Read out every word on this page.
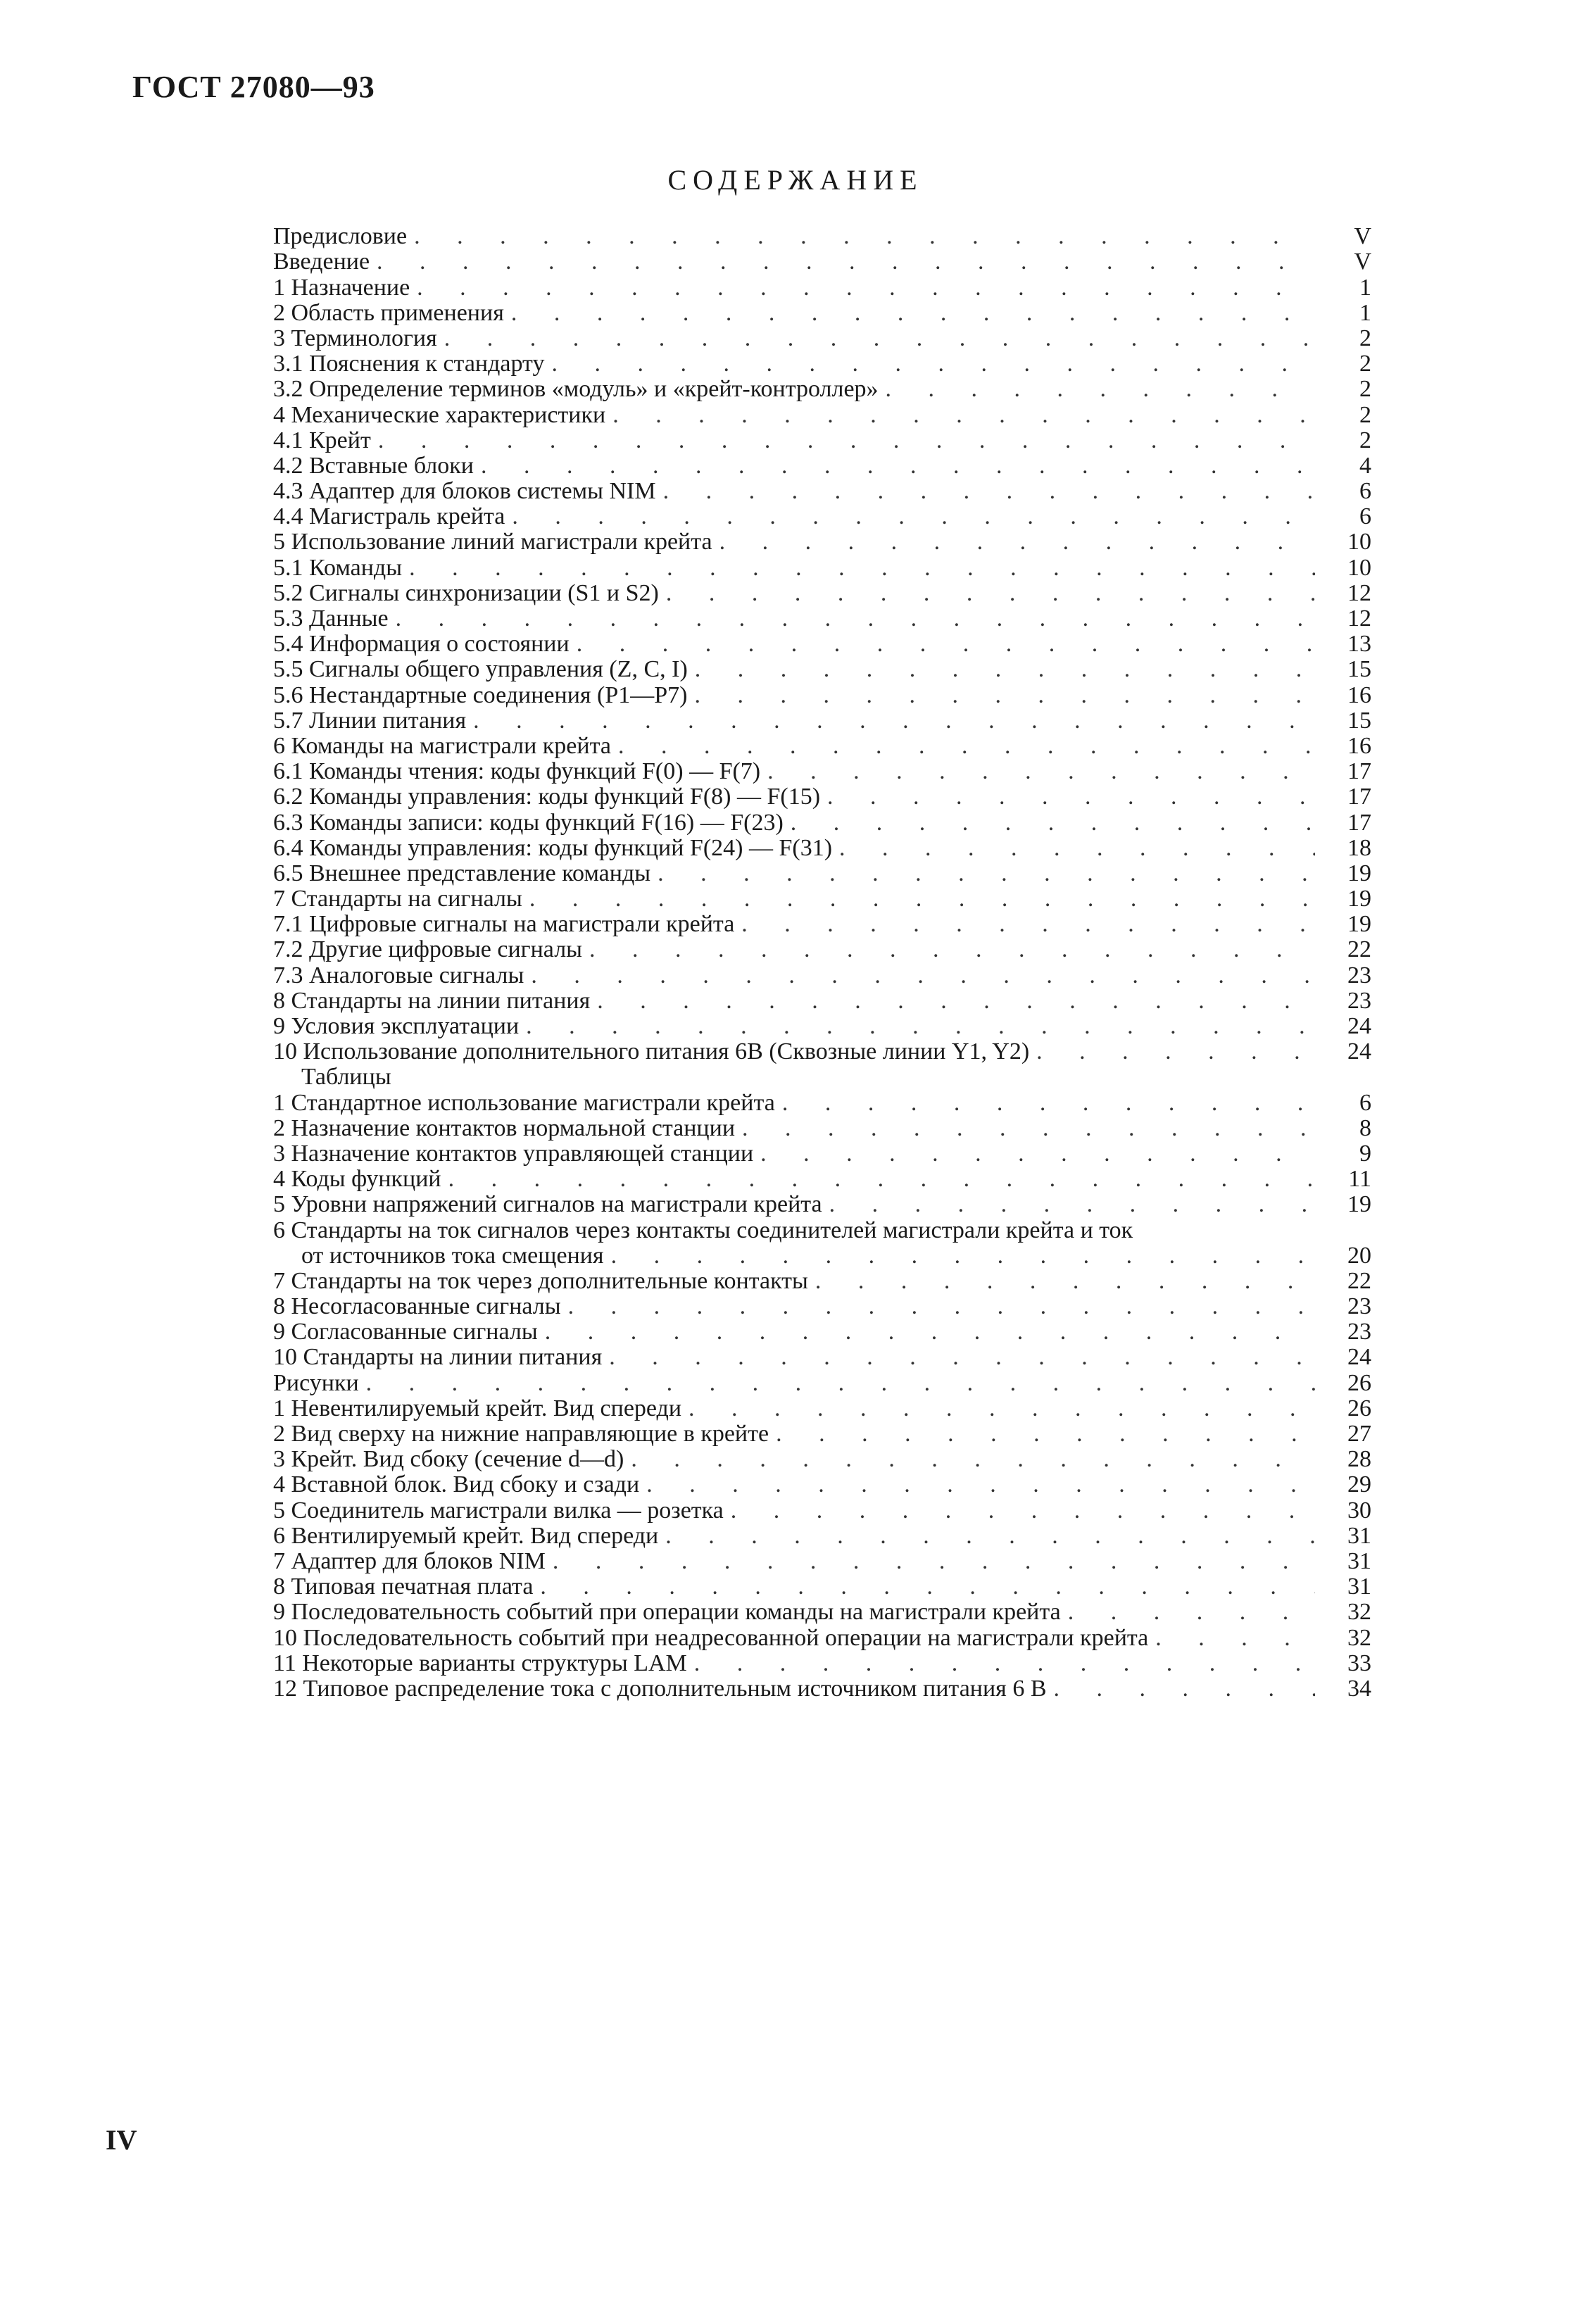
ГОСТ 27080—93
СОДЕРЖАНИЕ
Предисловие . . .	V
Введение . . .	V
1 Назначение . . .	1
2 Область применения . . .	1
3 Терминология . . .	2
3.1 Пояснения к стандарту . . .	2
3.2 Определение терминов «модуль» и «крейт-контроллер» . . .	2
4 Механические характеристики . . .	2
4.1 Крейт . . .	2
4.2 Вставные блоки . . .	4
4.3 Адаптер для блоков системы NIM . . .	6
4.4 Магистраль крейта . . .	6
5 Использование линий магистрали крейта . . .	10
5.1 Команды . . .	10
5.2 Сигналы синхронизации (S1 и S2) . . .	12
5.3 Данные . . .	12
5.4 Информация о состоянии . . .	13
5.5 Сигналы общего управления (Z, C, I) . . .	15
5.6 Нестандартные соединения (P1—P7) . . .	16
5.7 Линии питания . . .	15
6 Команды на магистрали крейта . . .	16
6.1 Команды чтения: коды функций F(0) — F(7) . . .	17
6.2 Команды управления: коды функций F(8) — F(15) . . .	17
6.3 Команды записи: коды функций F(16) — F(23) . . .	17
6.4 Команды управления: коды функций F(24) — F(31) . . .	18
6.5 Внешнее представление команды . . .	19
7 Стандарты на сигналы . . .	19
7.1 Цифровые сигналы на магистрали крейта . . .	19
7.2 Другие цифровые сигналы . . .	22
7.3 Аналоговые сигналы . . .	23
8 Стандарты на линии питания . . .	23
9 Условия эксплуатации . . .	24
10 Использование дополнительного питания 6В (Сквозные линии Y1, Y2) . . .	24
Таблицы
1 Стандартное использование магистрали крейта . . .	6
2 Назначение контактов нормальной станции . . .	8
3 Назначение контактов управляющей станции . . .	9
4 Коды функций . . .	11
5 Уровни напряжений сигналов на магистрали крейта . . .	19
6 Стандарты на ток сигналов через контакты соединителей магистрали крейта и ток
от источников тока смещения . . .	20
7 Стандарты на ток через дополнительные контакты . . .	22
8 Несогласованные сигналы . . .	23
9 Согласованные сигналы . . .	23
10 Стандарты на линии питания . . .	24
Рисунки . . .	26
1 Невентилируемый крейт. Вид спереди . . .	26
2 Вид сверху на нижние направляющие в крейте . . .	27
3 Крейт. Вид сбоку (сечение d—d) . . .	28
4 Вставной блок. Вид сбоку и сзади . . .	29
5 Соединитель магистрали вилка — розетка . . .	30
6 Вентилируемый крейт. Вид спереди . . .	31
7 Адаптер для блоков NIM . . .	31
8 Типовая печатная плата . . .	31
9 Последовательность событий при операции команды на магистрали крейта . . .	32
10 Последовательность событий при неадресованной операции на магистрали крейта . . .	32
11 Некоторые варианты структуры LAM . . .	33
12 Типовое распределение тока с дополнительным источником питания 6 В . . .	34
IV
